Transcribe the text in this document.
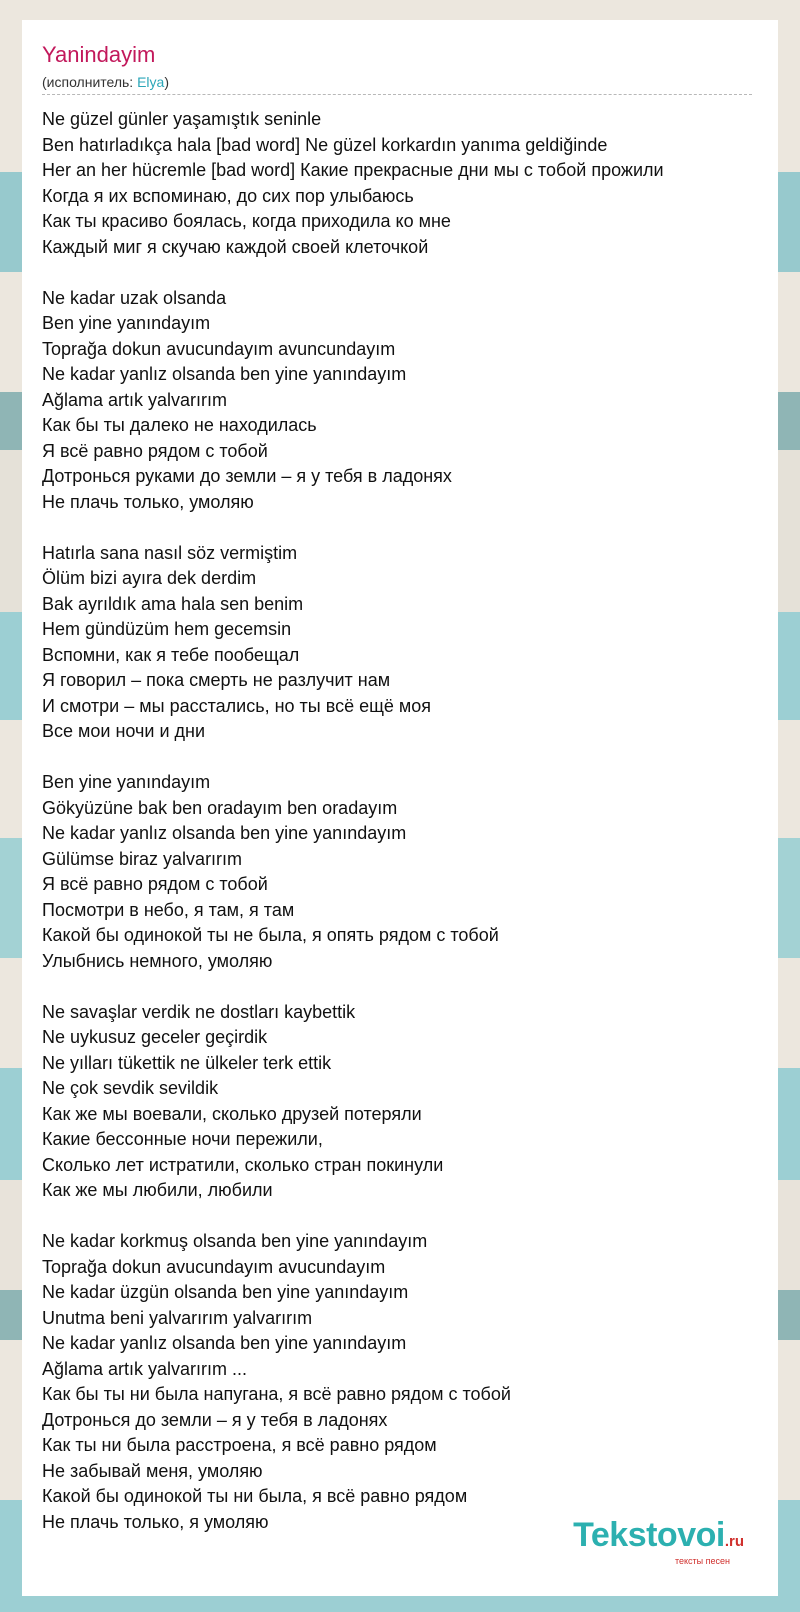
Yanindayim
(исполнитель: Elya)
Ne güzel günler yaşamıştık seninle
Ben hatırladıkça hala [bad word] Ne güzel korkardın yanıma geldiğinde
Her an her hücremle [bad word] Какие прекрасные дни мы с тобой прожили
Когда я их вспоминаю, до сих пор улыбаюсь
Как ты красиво боялась, когда приходила ко мне
Каждый миг я скучаю каждой своей клеточкой
Ne kadar uzak olsanda
Ben yine yanındayım
Toprağa dokun avucundayım avuncundayım
Ne kadar yanlız olsanda ben yine yanındayım
Ağlama artık yalvarırım
Как бы ты далеко не находилась
Я всё равно рядом с тобой
Дотронься руками до земли – я у тебя в ладонях
Не плачь только, умоляю
Hatırla sana nasıl söz vermiştim
Ölüm bizi ayıra dek derdim
Bak ayrıldık ama hala sen benim
Hem gündüzüm hem gecemsin
Вспомни, как я тебе пообещал
Я говорил – пока смерть не разлучит нам
И смотри – мы расстались, но ты всё ещё моя
Все мои ночи и дни
Ben yine yanındayım
Gökyüzüne bak ben oradayım ben oradayım
Ne kadar yanlız olsanda ben yine yanındayım
Gülümse biraz yalvarırım
Я всё равно рядом с тобой
Посмотри в небо, я там, я там
Какой бы одинокой ты не была, я опять рядом с тобой
Улыбнись немного, умоляю
Ne savaşlar verdik ne dostları kaybettik
Ne uykusuz geceler geçirdik
Ne yılları tükettik ne ülkeler terk ettik
Ne çok sevdik sevildik
Как же мы воевали, сколько друзей потеряли
Какие бессонные ночи пережили,
Сколько лет истратили, сколько стран покинули
Как же мы любили, любили
Ne kadar korkmuş olsanda ben yine yanındayım
Toprağa dokun avucundayım avucundayım
Ne kadar üzgün olsanda ben yine yanındayım
Unutma beni yalvarırım yalvarırım
Ne kadar yanlız olsanda ben yine yanındayım
Ağlama artık yalvarırım ...
Как бы ты ни была напугана, я всё равно рядом с тобой
Дотронься до земли – я у тебя в ладонях
Как ты ни была расстроена, я всё равно рядом
Не забывай меня, умоляю
Какой бы одинокой ты ни была, я всё равно рядом
Не плачь только, я умоляю	Tekstovoi.ru
тексты песен
